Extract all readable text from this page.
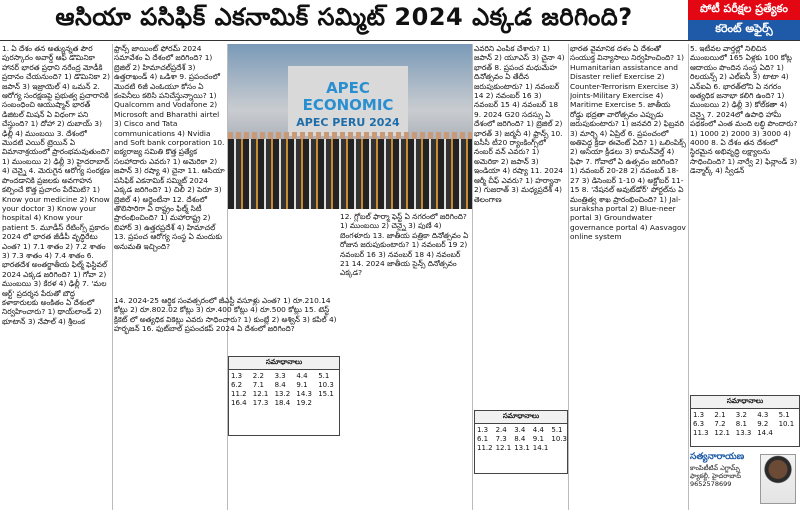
ఆసియా పసిఫిక్ ఎకనామిక్ సమ్మిట్ 2024 ఎక్కడ జరిగింది?	పోటీ పరీక్షల ప్రత్యేకం
కరెంట్ అఫైర్స్
1. ఏ దేశం తన అత్యున్నత పౌర పురస్కారం అవార్డ్ ఆఫ్ డొమినికా హానర్ భారత ప్రధాని నరేంద్ర మోడీకి ప్రదానం చేయనుంది? 1) డొమినికా 2) జపాన్ 3) ఇజ్రాయెల్ 4) ఒమన్ 2. ఆరోగ్య సంరక్షణపై ప్రభుత్వ ప్రచారానికి సంబంధించి ఆయుష్మాన్ భారత్ డిజిటల్ మిషన్ ఏ విధంగా పని చేస్తుంది? 1) దోహా 2) దుబాయ్ 3) ఢిల్లీ 4) ముంబయి 3. దేశంలో మొదటి ఎయిర్ ట్రెయిన్ ఏ విమానాశ్రయంలో ప్రారంభమవుతుంది? 1) ముంబయి 2) ఢిల్లీ 3) హైదరాబాద్ 4) చెన్నై 4. మెరుగైన ఆరోగ్య సంరక్షణ పొందడానికి ప్రజలకు అవగాహన కల్పించే కొత్త ప్రచారం పేరేమిటి? 1) Know your medicine 2) Know your doctor 3) Know your hospital 4) Know your patient 5. మూడీస్ రేటింగ్స్ ప్రకారం 2024 లో భారత జీడీపీ వృద్ధిరేటు ఎంత? 1) 7.1 శాతం 2) 7.2 శాతం 3) 7.3 శాతం 4) 7.4 శాతం 6. భారతదేశ అంతర్జాతీయ ఫిల్మ్ ఫెస్టివల్ 2024 ఎక్కడ జరిగింది? 1) గోవా 2) ముంబయి 3) కేరళ 4) ఢిల్లీ 7. 'మల ఆర్ట్' ప్రదర్శన పేరుతో బౌద్ధ కళాకారులకు అంకితం ఏ దేశంలో నిర్వహించారు? 1) థాయ్‌లాండ్ 2) భూటాన్ 3) నేపాల్ 4) శ్రీలంక
ఫ్రాన్స్ జాయింట్ ఫోరమ్ 2024 సమావేశం ఏ దేశంలో జరిగింది? 1) బ్రెజిల్ 2) హిమాచల్‌ప్రదేశ్ 3) ఉత్తరాఖండ్ 4) ఒడిశా 9. ప్రపంచంలో మొదటి 6జీ ఎంఓయూ కోసం ఏ కంపెనీలు కలిసి పనిచేస్తున్నాయి? 1) Qualcomm and Vodafone 2) Microsoft and Bharathi airtel 3) Cisco and Tata communications 4) Nvidia and Soft bank corporation 10. ఐక్యరాజ్య సమితి కొత్త ప్రత్యేక సలహాదారు ఎవరు? 1) అమెరికా 2) జపాన్ 3) రష్యా 4) చైనా 11. ఆసియా పసిఫిక్ ఎకనామిక్ సమ్మిట్ 2024 ఎక్కడ జరిగింది? 1) చిలీ 2) పెరూ 3) బ్రెజిల్ 4) అర్జెంటీనా 12. దేశంలో తొలిసారిగా ఏ రాష్ట్రం ఫిల్మ్ సిటీ ప్రారంభించింది? 1) మహారాష్ట్ర 2) బిహార్ 3) ఉత్తరప్రదేశ్ 4) హిమాచల్ 13. ప్రపంచ ఆరోగ్య సంస్థ ఏ మందుకు అనుమతి ఇచ్చింది?
APEC
ECONOMIC
APEC PERU 2024
12. గ్లోబల్ ఫార్మా ఫెస్ట్ ఏ నగరంలో జరిగింది? 1) ముంబయి 2) చెన్నై 3) పుణే 4) బెంగళూరు 13. జాతీయ పత్రికా దినోత్సవం ఏ రోజున జరుపుకుంటారు? 1) నవంబర్ 19 2) నవంబర్ 16 3) నవంబర్ 18 4) నవంబర్ 21 14. 2024 జాతీయ సైన్స్ దినోత్సవం ఎక్కడ?
14. 2024-25 ఆర్థిక సంవత్సరంలో జీఎస్టీ వసూళ్లు ఎంత? 1) రూ.210.14 కోట్లు 2) రూ.802.02 కోట్లు 3) రూ.400 కోట్లు 4) రూ.500 కోట్లు 15. టెస్ట్ క్రికెట్ లో అత్యధిక వికెట్లు ఎవరు సాధించారు? 1) కుంబ్లే 2) అశ్విన్ 3) కపిల్ 4) హర్భజన్ 16. ఫుట్‌బాల్ ప్రపంచకప్ 2024 ఏ దేశంలో జరిగింది?
సమాధానాలు
1.3	2.2	3.3	4.4	5.1
6.2	7.1	8.4	9.1	10.3
11.2 12.1 13.2 14.3 15.1
16.4 17.3 18.4 19.2
ఎవరిని ఎంపిక చేశారు? 1) జపాన్ 2) యూఎస్ 3) చైనా 4) భారత్ 8. ప్రపంచ మధుమేహ దినోత్సవం ఏ తేదీన జరుపుకుంటారు? 1) నవంబర్ 14 2) నవంబర్ 16 3) నవంబర్ 15 4) నవంబర్ 18 9. 2024 G20 సదస్సు ఏ దేశంలో జరిగింది? 1) బ్రెజిల్ 2) భారత్ 3) జర్మనీ 4) ఫ్రాన్స్ 10. ఐసీసీ టీ20 ర్యాంకింగ్స్‌లో నంబర్ వన్ ఎవరు? 1) అమెరికా 2) జపాన్ 3) ఇండియా 4) రష్యా 11. 2024 ఆర్మీ చీఫ్ ఎవరు? 1) హర్యానా 2) గుజరాత్ 3) మధ్యప్రదేశ్ 4) తెలంగాణ
సమాధానాలు
1.3	2.4	3.4	4.4	5.1
6.1	7.3	8.4	9.1	10.3
11.2 12.1 13.1 14.1
భారత వైమానిక దళం ఏ దేశంతో సంయుక్త విన్యాసాలు నిర్వహించింది? 1) Humanitarian assistance and Disaster relief Exercise 2) Counter-Terrorism Exercise 3) Joints-Military Exercise 4) Maritime Exercise 5. జాతీయ రోడ్డు భద్రతా వారోత్సవం ఎప్పుడు జరుపుకుంటారు? 1) జనవరి 2) ఫిబ్రవరి 3) మార్చి 4) ఏప్రిల్ 6. ప్రపంచంలో అతిపెద్ద క్రీడా ఈవెంట్ ఏది? 1) ఒలింపిక్స్ 2) ఆసియా క్రీడలు 3) కామన్‌వెల్త్ 4) ఫిఫా 7. గోవాలో ఏ ఉత్సవం జరిగింది? 1) నవంబర్ 20-28 2) నవంబర్ 18-27 3) డిసెంబర్ 1-10 4) అక్టోబర్ 11-15 8. 'నేషనల్ అవుట్‌డోర్' పోర్టల్‌ను ఏ మంత్రిత్వ శాఖ ప్రారంభించింది? 1) Jal-suraksha portal 2) Blue-neer portal 3) Groundwater governance portal 4) Aasvagov online system
5. ఇటీవల వార్తల్లో నిలిచిన ముంబయిలో 165 ఏళ్లకు 100 కోట్ల ఆదాయం పొందిన సంస్థ ఏది? 1) రిలయన్స్ 2) ఎల్ఐసీ 3) టాటా 4) ఎన్ఐఏ 6. భారత్‌లోని ఏ నగరం అత్యధిక జనాభా కలిగి ఉంది? 1) ముంబయి 2) ఢిల్లీ 3) కోల్‌కతా 4) చెన్నై 7. 2024లో ఉపాధి హామీ పథకంలో ఎంత మంది లబ్ధి పొందారు? 1) 1000 2) 2000 3) 3000 4) 4000 8. ఏ దేశం తన దేశంలో స్థిరమైన అభివృద్ధి లక్ష్యాలను సాధించింది? 1) నార్వే 2) ఫిన్లాండ్ 3) డెన్మార్క్ 4) స్వీడన్
సమాధానాలు
1.3	2.1	3.2	4.3	5.1
6.3	7.2	8.1	9.2	10.1
11.3 12.1 13.3 14.4
సత్యనారాయణ
కాంపిటీటివ్ ఎగ్జామ్స్ ఫ్యాకల్టీ, హైదరాబాద్ 9652578699
